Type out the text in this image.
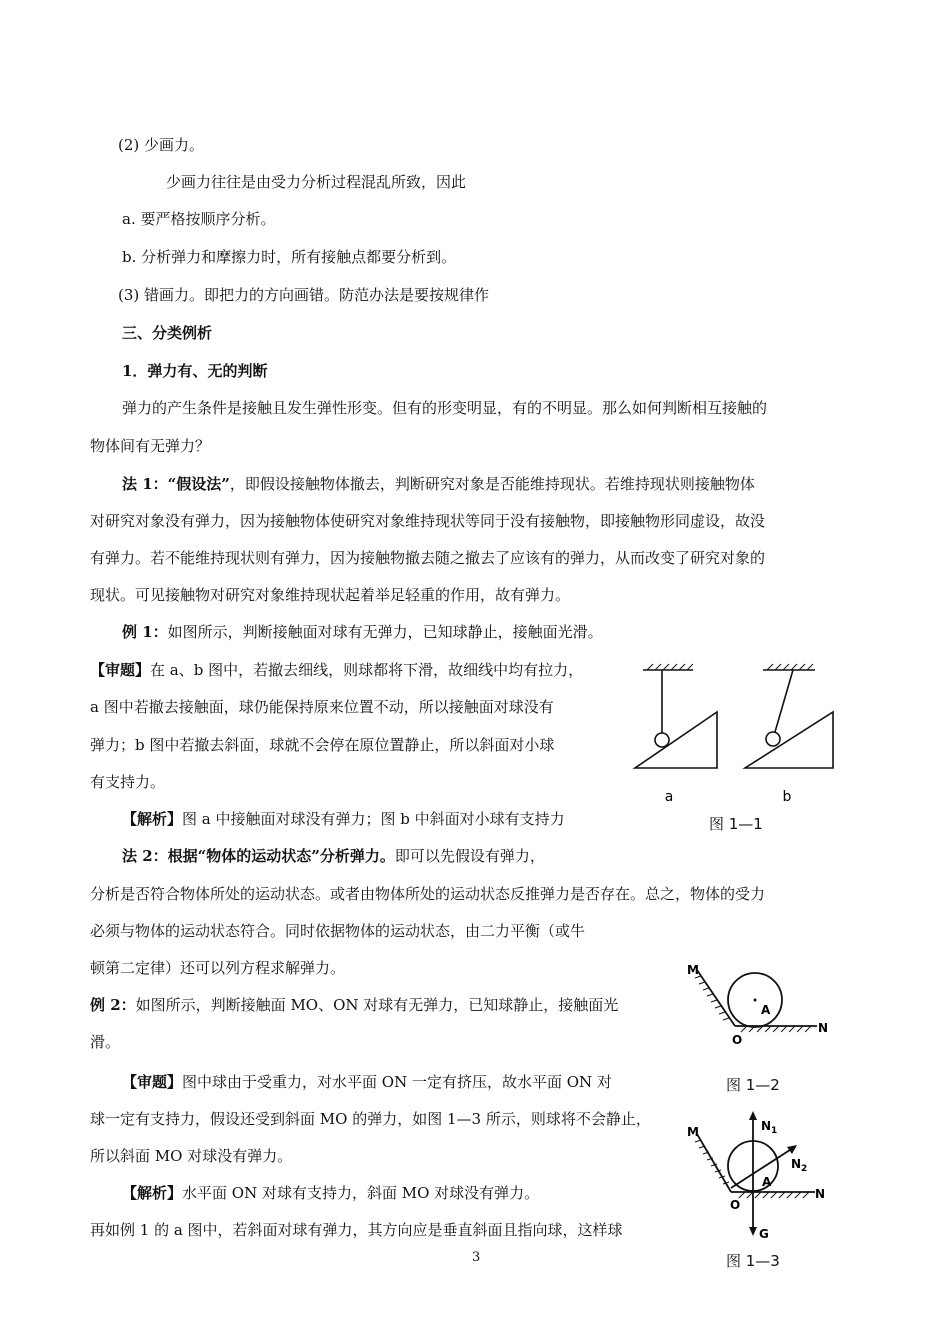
(2) 少画力。
少画力往往是由受力分析过程混乱所致，因此
a. 要严格按顺序分析。
b. 分析弹力和摩擦力时，所有接触点都要分析到。
(3) 错画力。即把力的方向画错。防范办法是要按规律作
三、分类例析
1．弹力有、无的判断
弹力的产生条件是接触且发生弹性形变。但有的形变明显，有的不明显。那么如何判断相互接触的
物体间有无弹力？
法 1：“假设法”，即假设接触物体撤去，判断研究对象是否能维持现状。若维持现状则接触物体
对研究对象没有弹力，因为接触物体使研究对象维持现状等同于没有接触物，即接触物形同虚设，故没
有弹力。若不能维持现状则有弹力，因为接触物撤去随之撤去了应该有的弹力，从而改变了研究对象的
现状。可见接触物对研究对象维持现状起着举足轻重的作用，故有弹力。
例 1：如图所示，判断接触面对球有无弹力，已知球静止，接触面光滑。
【审题】在 a、b 图中，若撤去细线，则球都将下滑，故细线中均有拉力，
a 图中若撤去接触面，球仍能保持原来位置不动，所以接触面对球没有
弹力；b 图中若撤去斜面，球就不会停在原位置静止，所以斜面对小球
有支持力。
【解析】图 a 中接触面对球没有弹力；图 b 中斜面对小球有支持力
法 2：根据“物体的运动状态”分析弹力。即可以先假设有弹力，
分析是否符合物体所处的运动状态。或者由物体所处的运动状态反推弹力是否存在。总之，物体的受力
必须与物体的运动状态符合。同时依据物体的运动状态，由二力平衡（或牛
顿第二定律）还可以列方程求解弹力。
例 2：如图所示，判断接触面 MO、ON 对球有无弹力，已知球静止，接触面光
滑。
【审题】图中球由于受重力，对水平面 ON 一定有挤压，故水平面 ON 对
球一定有支持力，假设还受到斜面 MO 的弹力，如图 1—3 所示，则球将不会静止，
所以斜面 MO 对球没有弹力。
【解析】水平面 ON 对球有支持力，斜面 MO 对球没有弹力。
再如例 1 的 a 图中，若斜面对球有弹力，其方向应是垂直斜面且指向球，这样球
a	b
图 1—1
M
O
N
A
图 1—2
$N_1$
$N_2$
M
O
N
A
G
图 1—3
3
